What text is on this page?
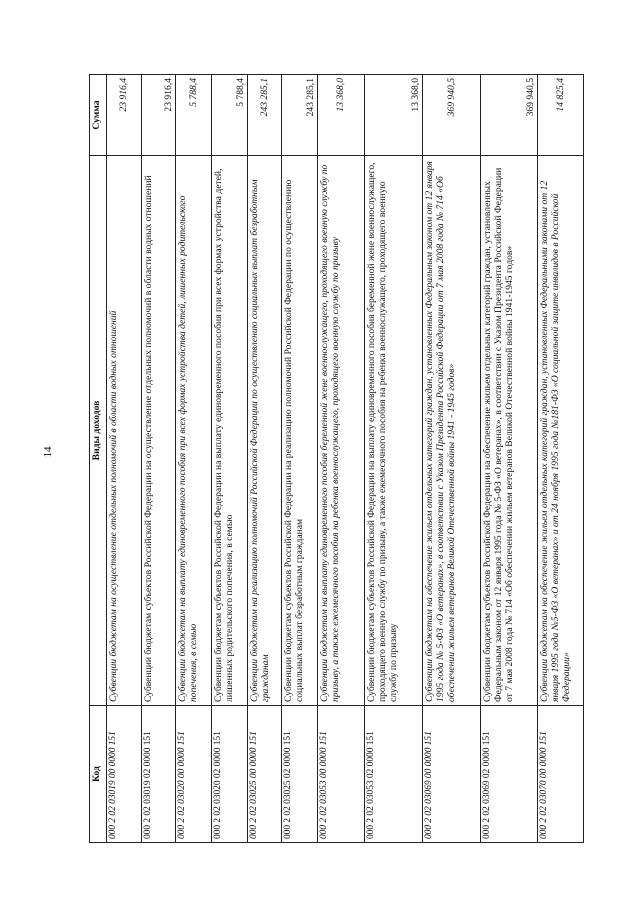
14
Код	Виды доходов	Сумма
000 2 02 03019 00 0000 151	Субвенции бюджетам на осуществление отдельных полномочий в области водных отношений	23 916,4
000 2 02 03019 02 0000 151	Субвенции бюджетам субъектов Российской Федерации на осуществление отдельных полномочий в области водных отношений	23 916,4
000 2 02 03020 00 0000 151	Субвенции бюджетам на выплату единовременного пособия при всех формах устройства детей, лишенных родительского попечения, в семью	5 788,4
000 2 02 03020 02 0000 151	Субвенции бюджетам субъектов Российской Федерации на выплату единовременного пособия при всех формах устройства детей, лишенных родительского попечения, в семью	5 788,4
000 2 02 03025 00 0000 151	Субвенции бюджетам на реализацию полномочий Российской Федерации по осуществлению социальных выплат безработным гражданам	243 285,1
000 2 02 03025 02 0000 151	Субвенции бюджетам субъектов Российской Федерации на реализацию полномочий Российской Федерации по осуществлению социальных выплат безработным гражданам	243 285,1
000 2 02 03053 00 0000 151	Субвенции бюджетам на выплату единовременного пособия беременной жене военнослужащего, проходящего военную службу по призыву, а также ежемесячного пособия на ребенка военнослужащего, проходящего военную службу по призыву	13 368,0
000 2 02 03053 02 0000 151	Субвенции бюджетам субъектов Российской Федерации на выплату единовременного пособия беременной жене военнослужащего, проходящего военную службу по призыву, а также ежемесячного пособия на ребенка военнослужащего, проходящего военную службу по призыву	13 368,0
000 2 02 03069 00 0000 151	Субвенции бюджетам на обеспечение жильем отдельных категорий граждан, установленных Федеральным законом от 12 января 1995 года № 5-ФЗ «О ветеранах», в соответствии с Указом Президента Российской Федерации от 7 мая 2008 года № 714 «Об обеспечении жильем ветеранов Великой Отечественной войны 1941 - 1945 годов»	369 940,5
000 2 02 03069 02 0000 151	Субвенции бюджетам субъектов Российской Федерации на обеспечение жильем отдельных категорий граждан, установленных Федеральным законом от 12 января 1995 года № 5-ФЗ «О ветеранах», в соответствии с Указом Президента Российской Федерации от 7 мая 2008 года № 714 «Об обеспечении жильем ветеранов Великой Отечественной войны 1941-1945 годов»	369 940,5
000 2 02 03070 00 0000 151	Субвенции бюджетам на обеспечение жильем отдельных категорий граждан, установленных Федеральными законами от 12 января 1995 года №5-ФЗ «О ветеранах» и от 24 ноября 1995 года №181-ФЗ «О социальной защите инвалидов в Российской Федерации»	14 825,4
